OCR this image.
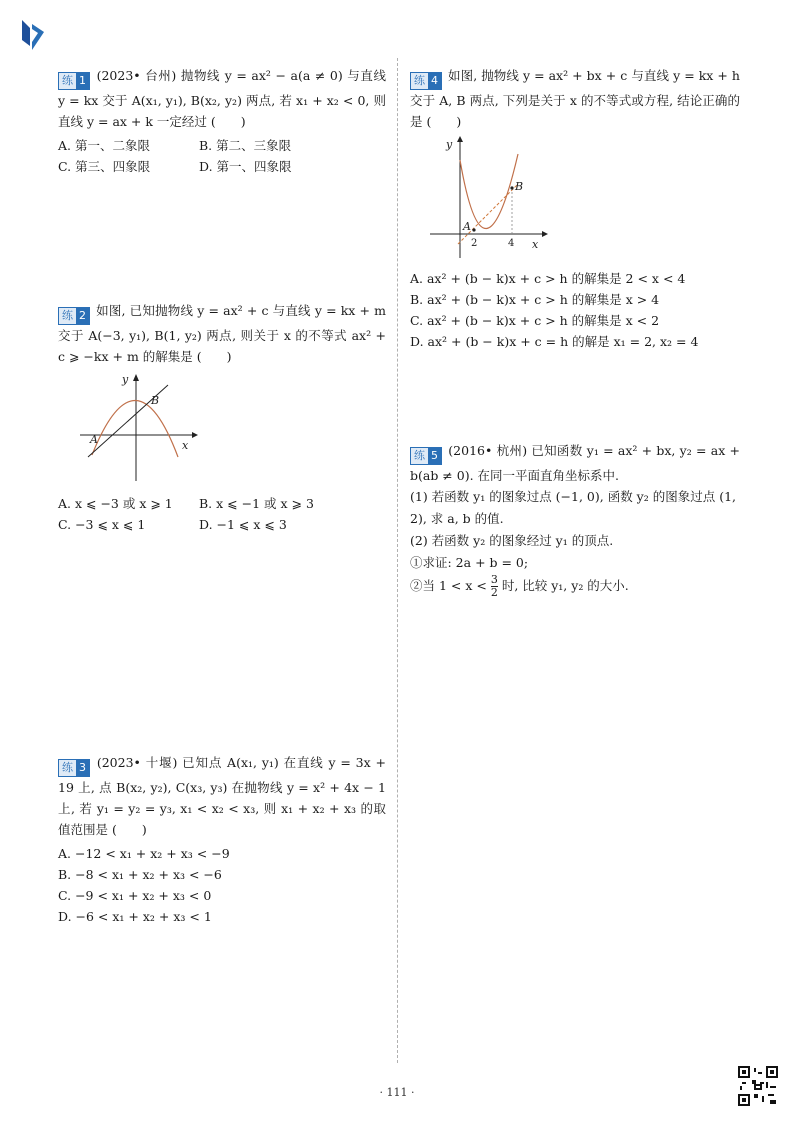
练 1 (2023• 台州) 抛物线 y = ax² − a(a ≠ 0) 与直线 y = kx 交于 A(x₁, y₁), B(x₂, y₂) 两点, 若 x₁ + x₂ < 0, 则直线 y = ax + k 一定经过 (　　)

A. 第一、二象限	B. 第二、三象限
C. 第三、四象限	D. 第一、四象限

练 2 如图, 已知抛物线 y = ax² + c 与直线 y = kx + m 交于 A(−3, y₁), B(1, y₂) 两点, 则关于 x 的不等式 ax² + c ⩾ −kx + m 的解集是 (　　)

y
x
A
B
A. x ⩽ −3 或 x ⩾ 1	B. x ⩽ −1 或 x ⩾ 3
C. −3 ⩽ x ⩽ 1	D. −1 ⩽ x ⩽ 3

练 3 (2023• 十堰) 已知点 A(x₁, y₁) 在直线 y = 3x + 19 上, 点 B(x₂, y₂), C(x₃, y₃) 在抛物线 y = x² + 4x − 1 上, 若 y₁ = y₂ = y₃, x₁ < x₂ < x₃, 则 x₁ + x₂ + x₃ 的取值范围是 (　　)

A. −12 < x₁ + x₂ + x₃ < −9
B. −8 < x₁ + x₂ + x₃ < −6
C. −9 < x₁ + x₂ + x₃ < 0
D. −6 < x₁ + x₂ + x₃ < 1

练 4 如图, 抛物线 y = ax² + bx + c 与直线 y = kx + h 交于 A, B 两点, 下列是关于 x 的不等式或方程, 结论正确的是 (　　)

y
x
A
B
2	4
A. ax² + (b − k)x + c > h 的解集是 2 < x < 4
B. ax² + (b − k)x + c > h 的解集是 x > 4
C. ax² + (b − k)x + c > h 的解集是 x < 2
D. ax² + (b − k)x + c = h 的解是 x₁ = 2, x₂ = 4

练 5 (2016• 杭州) 已知函数 y₁ = ax² + bx, y₂ = ax + b(ab ≠ 0). 在同一平面直角坐标系中.

(1) 若函数 y₁ 的图象过点 (−1, 0), 函数 y₂ 的图象过点 (1, 2), 求 a, b 的值.

(2) 若函数 y₂ 的图象经过 y₁ 的顶点.

①求证: 2a + b = 0;

②当 $1 < x < \frac{3}{2}$ 时, 比较 y₁, y₂ 的大小.

· 111 ·
